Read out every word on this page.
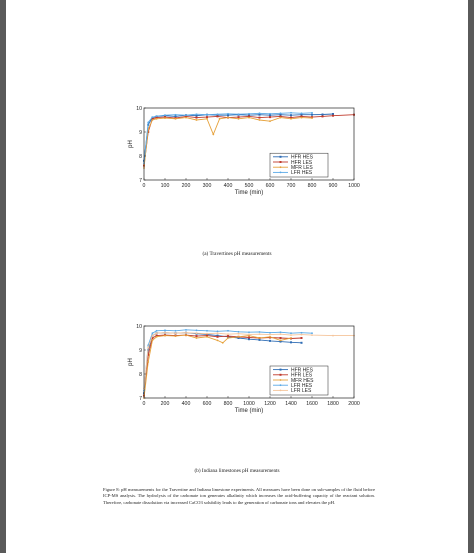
0	100 200 300 400 500 600 700 800 900 1000
7
8
9
10
Time (min)
pH
HFR HES
HFR LES
MFR LES
LFR HES
(a) Travertines pH measurements
0	200 400 600 800 1000 1200 1400 1600 1800 2000
7
8
9
10
Time (min)
pH
HFR HES
HFR LES
MFR HES
LFR HES
LFR LES
(b) Indiana limestones pH measurements
Figure 8: pH measurements for the Travertine and Indiana limestone experiments. All measures have been done on sub-samples of the fluid before ICP-MS analysis. The hydrolysis of the carbonate ion generates alkalinity which increases the acid-buffering capacity of the reactant solution. Therefore, carbonate dissolution via increased CaCO3 solubility leads to the generation of carbonate ions and elevates the pH.
